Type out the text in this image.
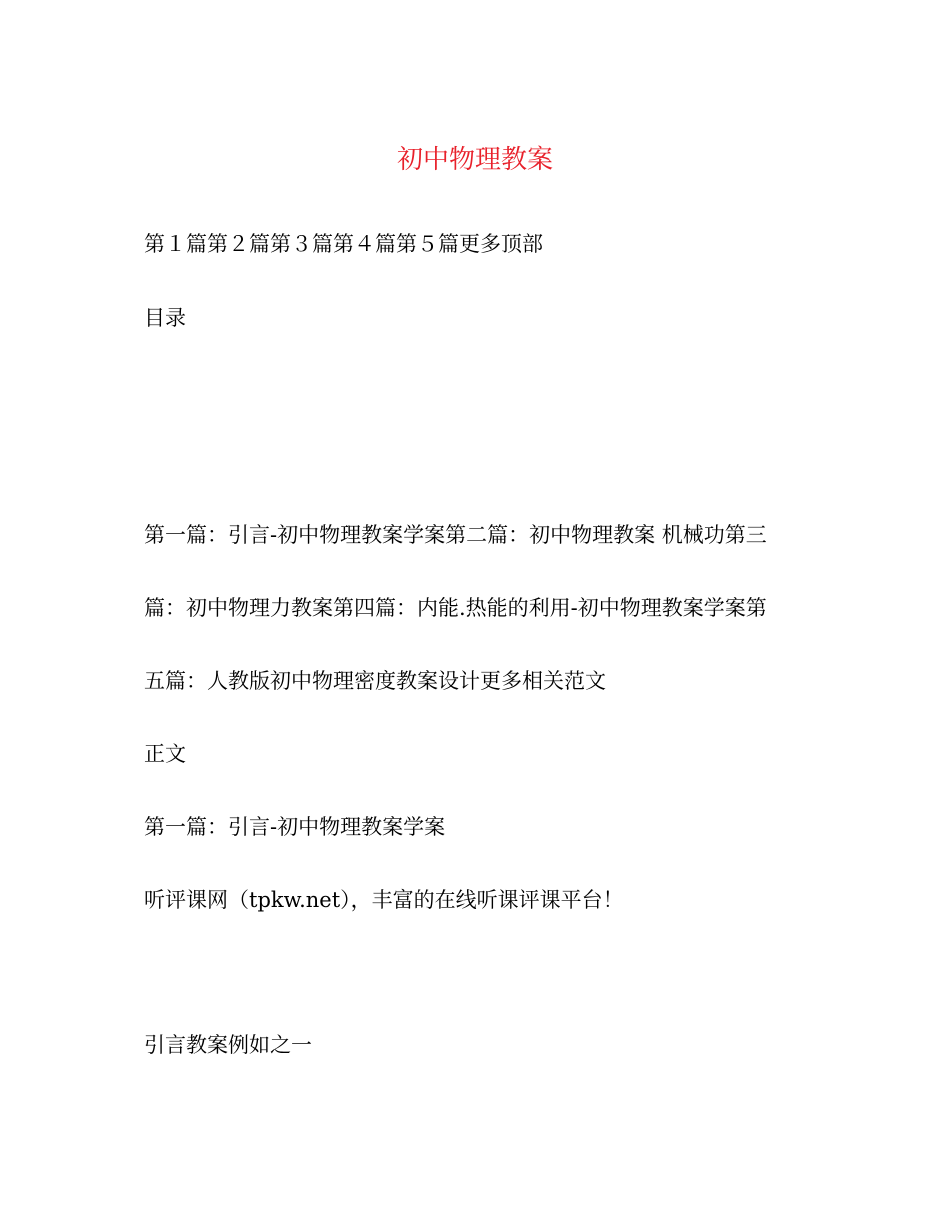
初中物理教案
第１篇第２篇第３篇第４篇第５篇更多顶部
目录
第一篇：引言-初中物理教案学案第二篇：初中物理教案 机械功第三
篇：初中物理力教案第四篇：内能.热能的利用-初中物理教案学案第
五篇：人教版初中物理密度教案设计更多相关范文
正文
第一篇：引言-初中物理教案学案
听评课网（tpkw.net），丰富的在线听课评课平台！
引言教案例如之一
